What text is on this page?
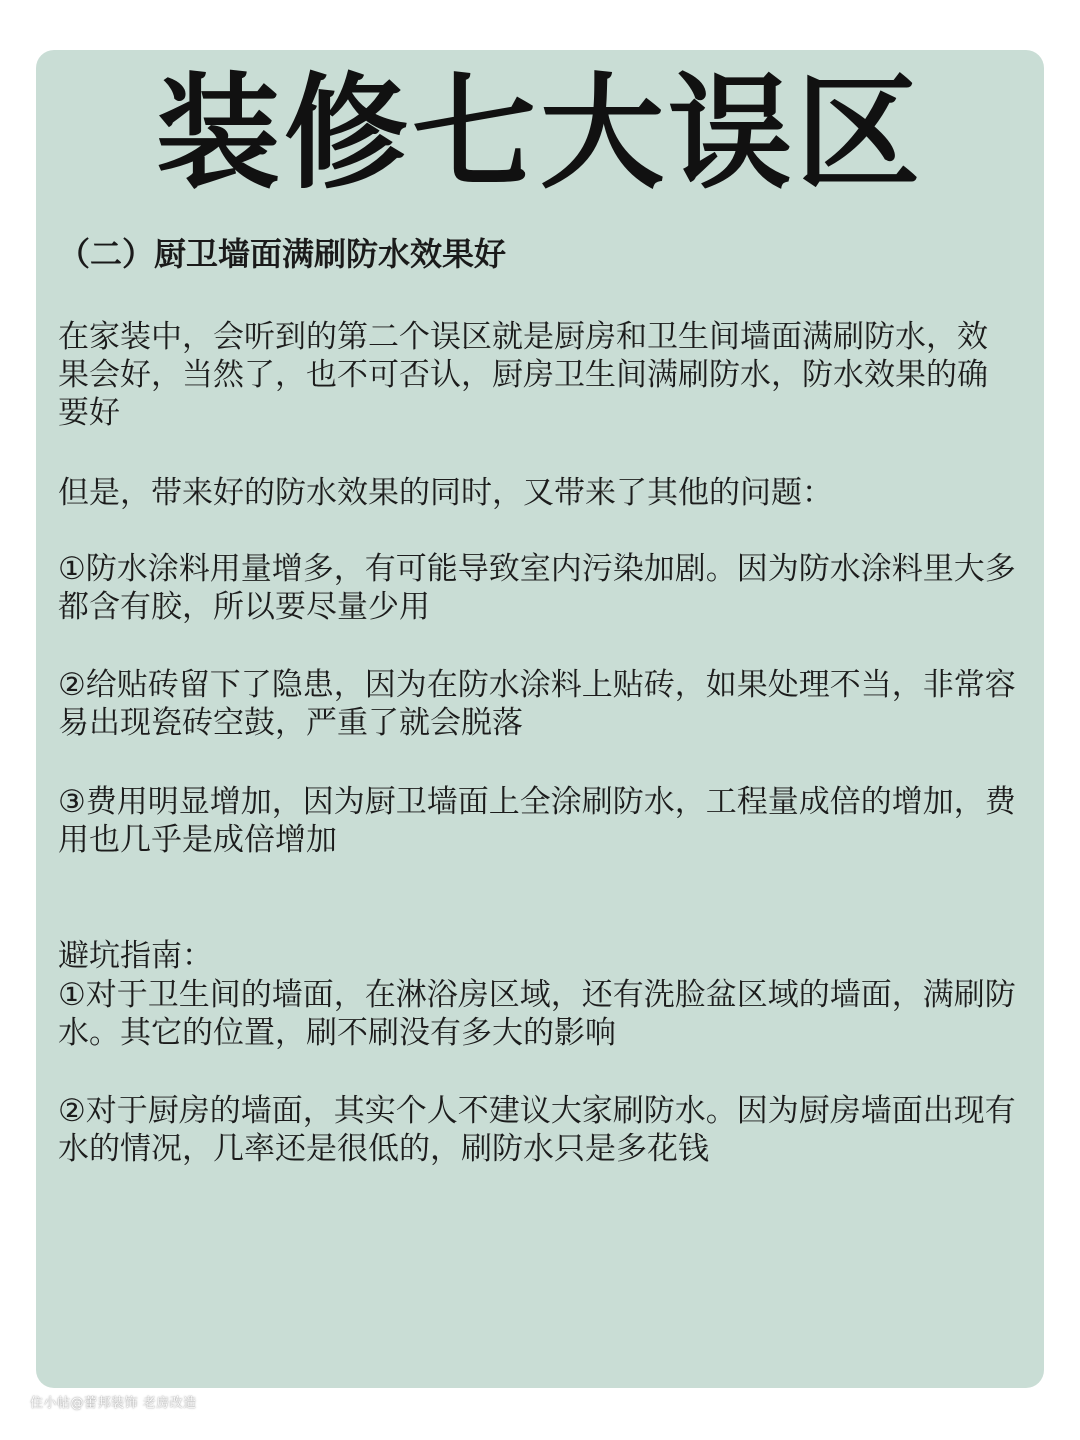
装修七大误区
（二）厨卫墙面满刷防水效果好

在家装中，会听到的第二个误区就是厨房和卫生间墙面满刷防水，效果会好，当然了，也不可否认，厨房卫生间满刷防水，防水效果的确要好

但是，带来好的防水效果的同时，又带来了其他的问题：

①防水涂料用量增多，有可能导致室内污染加剧。因为防水涂料里大多都含有胶，所以要尽量少用

②给贴砖留下了隐患，因为在防水涂料上贴砖，如果处理不当，非常容易出现瓷砖空鼓，严重了就会脱落

③费用明显增加，因为厨卫墙面上全涂刷防水，工程量成倍的增加，费用也几乎是成倍增加

避坑指南：

①对于卫生间的墙面，在淋浴房区域，还有洗脸盆区域的墙面，满刷防水。其它的位置，刷不刷没有多大的影响

②对于厨房的墙面，其实个人不建议大家刷防水。因为厨房墙面出现有水的情况，几率还是很低的，刷防水只是多花钱

住小帖@蕾邦装饰 老房改造
